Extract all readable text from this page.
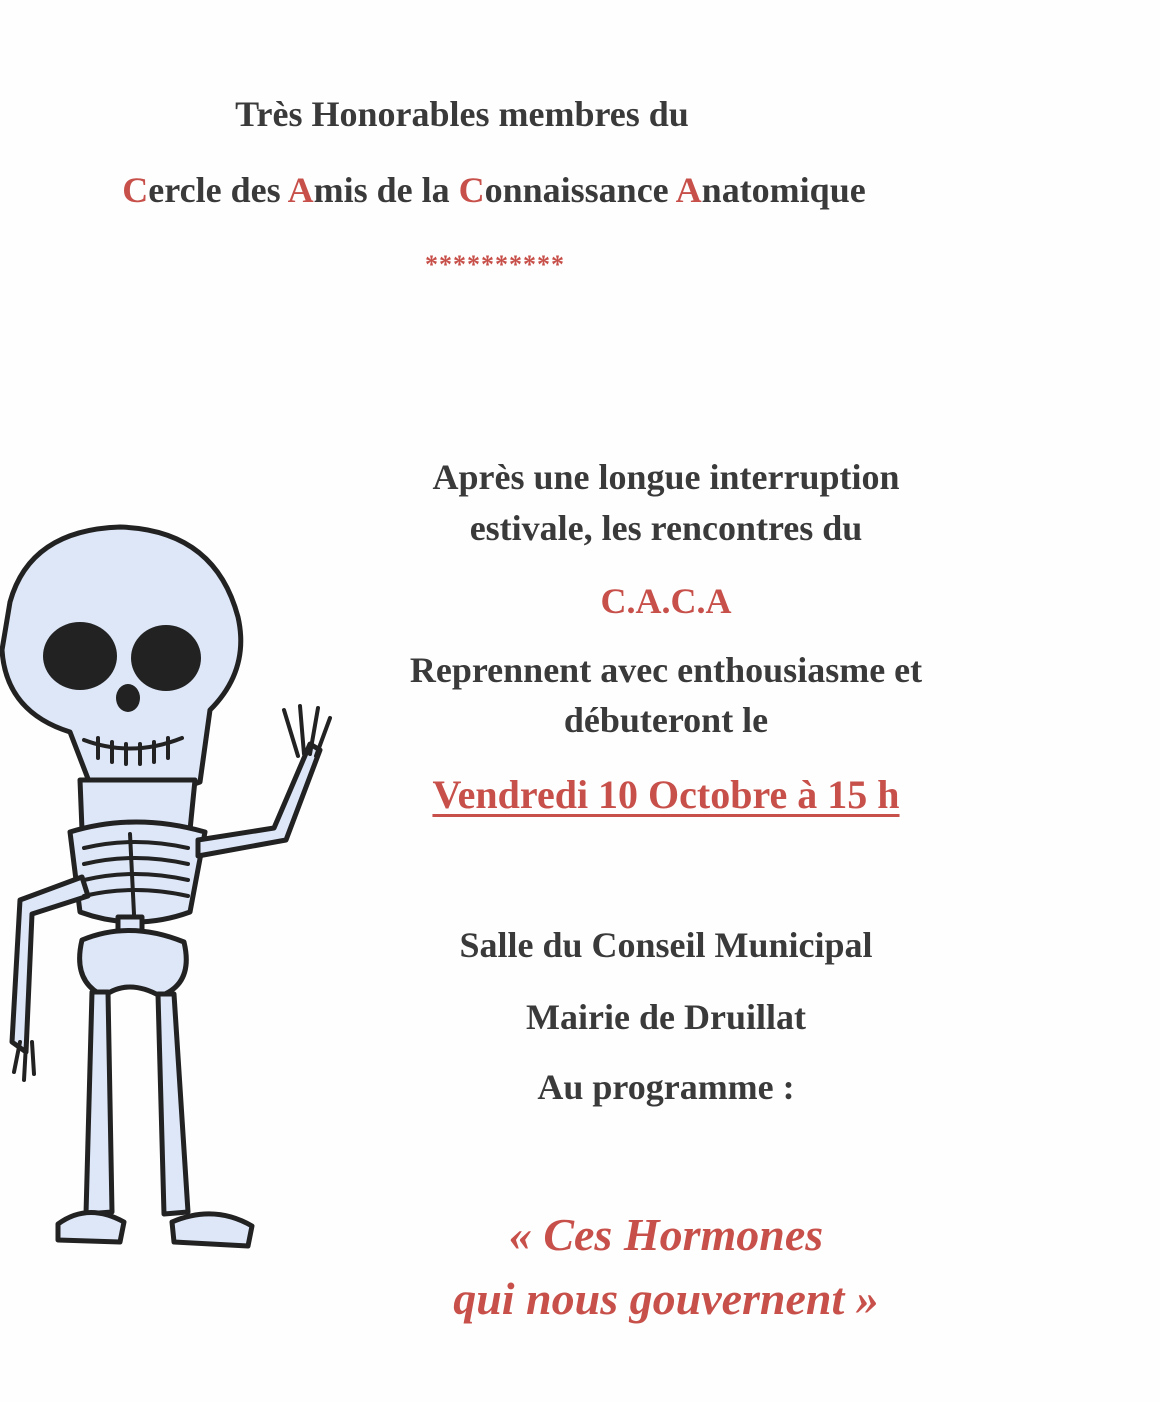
Très Honorables membres du
Cercle des Amis de la Connaissance Anatomique
**********
Après une longue interruption
estivale, les rencontres du
C.A.C.A
Reprennent avec enthousiasme et
débuteront le
Vendredi 10 Octobre à 15 h
Salle du Conseil Municipal
Mairie de Druillat
Au programme :
« Ces Hormones
qui nous gouvernent »
